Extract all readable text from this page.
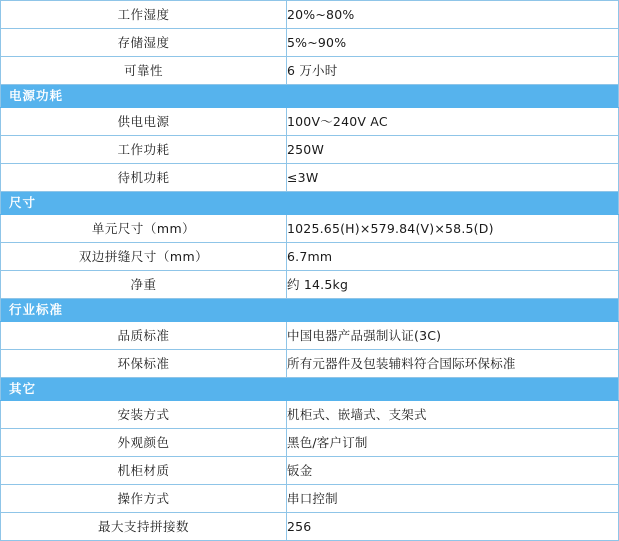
工作湿度	20%~80%

存储湿度	5%~90%

可靠性	6 万小时

电源功耗	

供电电源	100V～240V AC

工作功耗	250W

待机功耗	≤3W

尺寸	

单元尺寸（mm）	1025.65(H)×579.84(V)×58.5(D)

双边拼缝尺寸（mm）	6.7mm

净重	约 14.5kg

行业标准	

品质标准	中国电器产品强制认证(3C)

环保标准	所有元器件及包装辅料符合国际环保标准

其它	

安装方式	机柜式、嵌墙式、支架式

外观颜色	黑色/客户订制

机柜材质	钣金

操作方式	串口控制

最大支持拼接数	256
